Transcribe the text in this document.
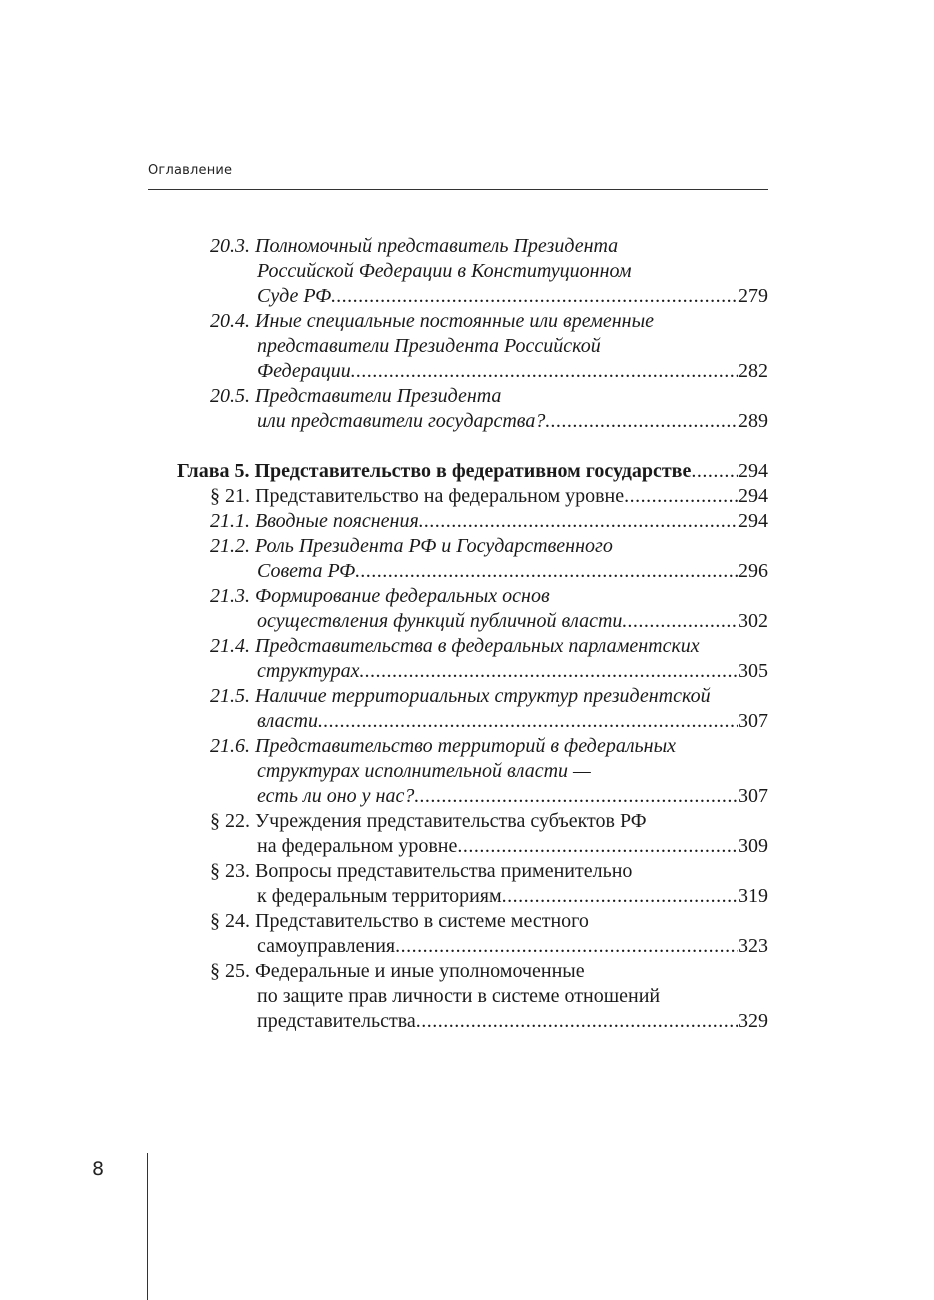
Оглавление
20.3. Полномочный представитель Президента
Российской Федерации в Конституционном
Суде РФ .....	279
20.4. Иные специальные постоянные или временные
представители Президента Российской
Федерации .....	282
20.5. Представители Президента
или представители государства? .....	289
Глава 5. Представительство в федеративном государстве ..... 294
§ 21. Представительство на федеральном уровне .....	294
21.1. Вводные пояснения .....	294
21.2. Роль Президента РФ и Государственного
Совета РФ .....	296
21.3. Формирование федеральных основ
осуществления функций публичной власти .....	302
21.4. Представительства в федеральных парламентских
структурах .....	305
21.5. Наличие территориальных структур президентской
власти .....	307
21.6. Представительство территорий в федеральных
структурах исполнительной власти —
есть ли оно у нас? .....	307
§ 22. Учреждения представительства субъектов РФ
на федеральном уровне .....	309
§ 23. Вопросы представительства применительно
к федеральным территориям .....	319
§ 24. Представительство в системе местного
самоуправления .....	323
§ 25. Федеральные и иные уполномоченные
по защите прав личности в системе отношений
представительства .....	329
8
